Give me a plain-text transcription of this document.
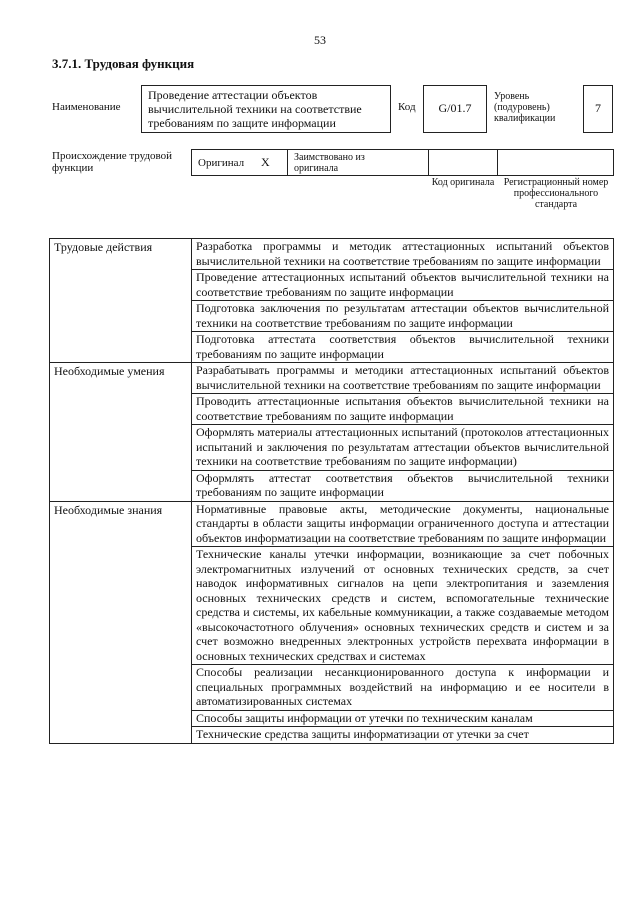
53
3.7.1. Трудовая функция
Наименование
Проведение аттестации объектов вычислительной техники на соответствие требованиям по защите информации
Код	G/01.7
Уровень (подуровень) квалификации
7
Происхождение трудовой функции	Оригинал X Заимствовано из оригинала
Код оригинала Регистрационный номер профессионального стандарта
Трудовые действия	Разработка программы и методик аттестационных испытаний объектов вычислительной техники на соответствие требованиям по защите информации
	Проведение аттестационных испытаний объектов вычислительной техники на соответствие требованиям по защите информации
	Подготовка заключения по результатам аттестации объектов вычислительной техники на соответствие требованиям по защите информации
	Подготовка аттестата соответствия объектов вычислительной техники требованиям по защите информации
Необходимые умения	Разрабатывать программы и методики аттестационных испытаний объектов вычислительной техники на соответствие требованиям по защите информации
	Проводить аттестационные испытания объектов вычислительной техники на соответствие требованиям по защите информации
	Оформлять материалы аттестационных испытаний (протоколов аттестационных испытаний и заключения по результатам аттестации объектов вычислительной техники на соответствие требованиям по защите информации)
	Оформлять аттестат соответствия объектов вычислительной техники требованиям по защите информации
Необходимые знания	Нормативные правовые акты, методические документы, национальные стандарты в области защиты информации ограниченного доступа и аттестации объектов информатизации на соответствие требованиям по защите информации
	Технические каналы утечки информации, возникающие за счет побочных электромагнитных излучений от основных технических средств, за счет наводок информативных сигналов на цепи электропитания и заземления основных технических средств и систем, вспомогательные технические средства и системы, их кабельные коммуникации, а также создаваемые методом «высокочастотного облучения» основных технических средств и систем и за счет возможно внедренных электронных устройств перехвата информации в основных технических средствах и системах
	Способы реализации несанкционированного доступа к информации и специальных программных воздействий на информацию и ее носители в автоматизированных системах
	Способы защиты информации от утечки по техническим каналам
	Технические средства защиты информатизации от утечки за счет
